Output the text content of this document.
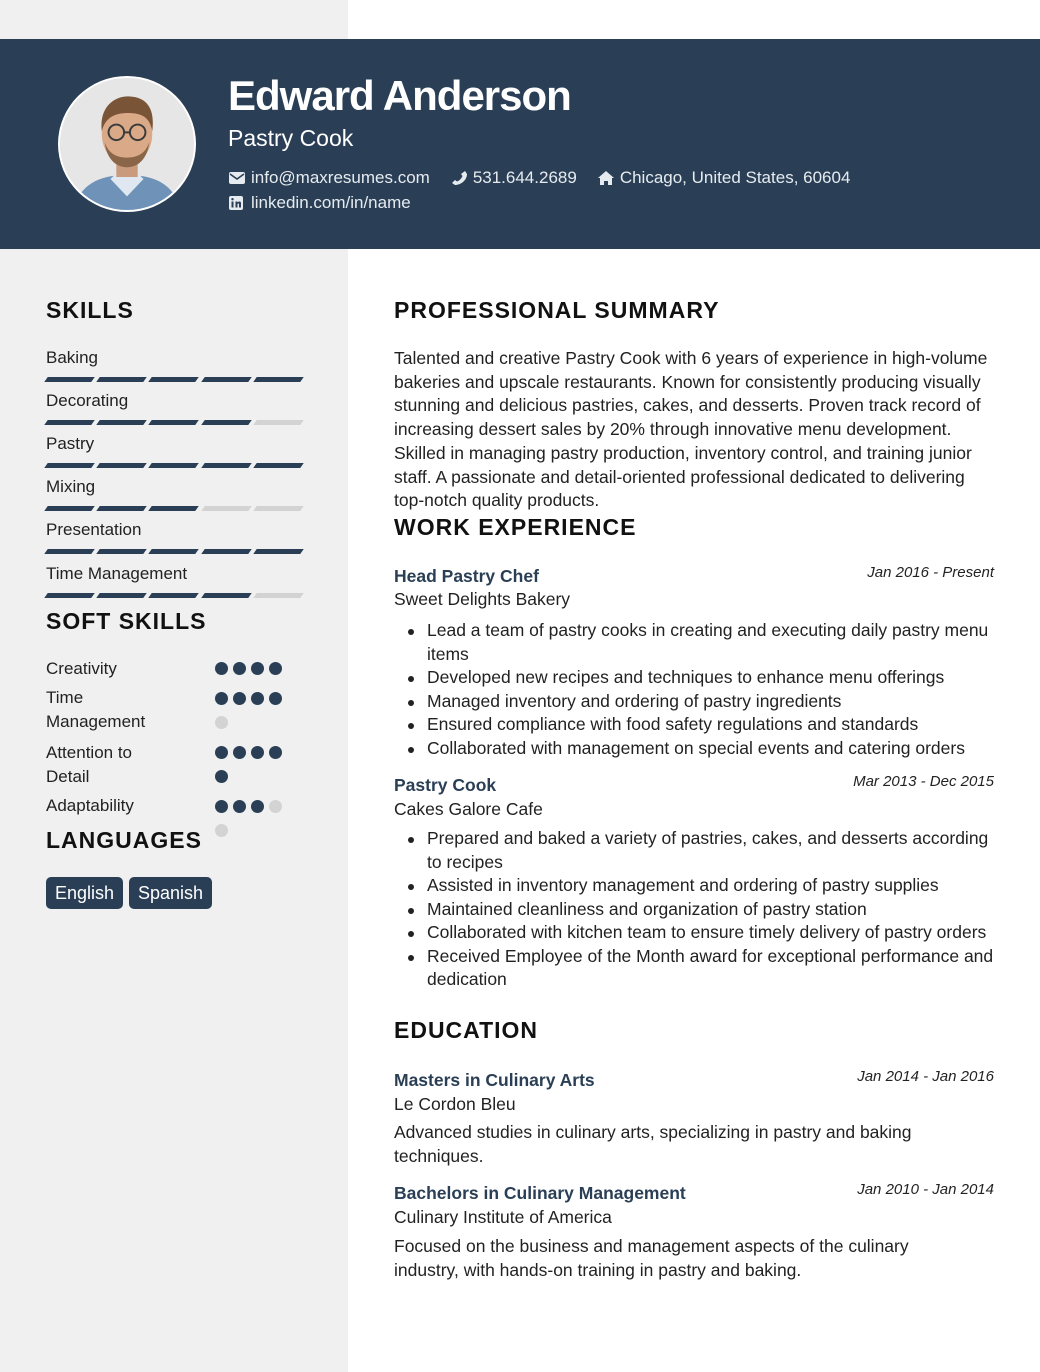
Edward Anderson
Pastry Cook
info@maxresumes.com	531.644.2689	Chicago, United States, 60604
linkedin.com/in/name
SKILLS
Baking
Decorating
Pastry
Mixing
Presentation
Time Management
SOFT SKILLS
Creativity
Time Management
Attention to Detail
Adaptability
LANGUAGES
English	Spanish
PROFESSIONAL SUMMARY
Talented and creative Pastry Cook with 6 years of experience in high-volume bakeries and upscale restaurants. Known for consistently producing visually stunning and delicious pastries, cakes, and desserts. Proven track record of increasing dessert sales by 20% through innovative menu development. Skilled in managing pastry production, inventory control, and training junior staff. A passionate and detail-oriented professional dedicated to delivering top-notch quality products.
WORK EXPERIENCE
Head Pastry Chef	Jan 2016 - Present
Sweet Delights Bakery
Lead a team of pastry cooks in creating and executing daily pastry menu items
Developed new recipes and techniques to enhance menu offerings
Managed inventory and ordering of pastry ingredients
Ensured compliance with food safety regulations and standards
Collaborated with management on special events and catering orders
Pastry Cook	Mar 2013 - Dec 2015
Cakes Galore Cafe
Prepared and baked a variety of pastries, cakes, and desserts according to recipes
Assisted in inventory management and ordering of pastry supplies
Maintained cleanliness and organization of pastry station
Collaborated with kitchen team to ensure timely delivery of pastry orders
Received Employee of the Month award for exceptional performance and dedication
EDUCATION
Masters in Culinary Arts	Jan 2014 - Jan 2016
Le Cordon Bleu
Advanced studies in culinary arts, specializing in pastry and baking techniques.
Bachelors in Culinary Management	Jan 2010 - Jan 2014
Culinary Institute of America
Focused on the business and management aspects of the culinary industry, with hands-on training in pastry and baking.
